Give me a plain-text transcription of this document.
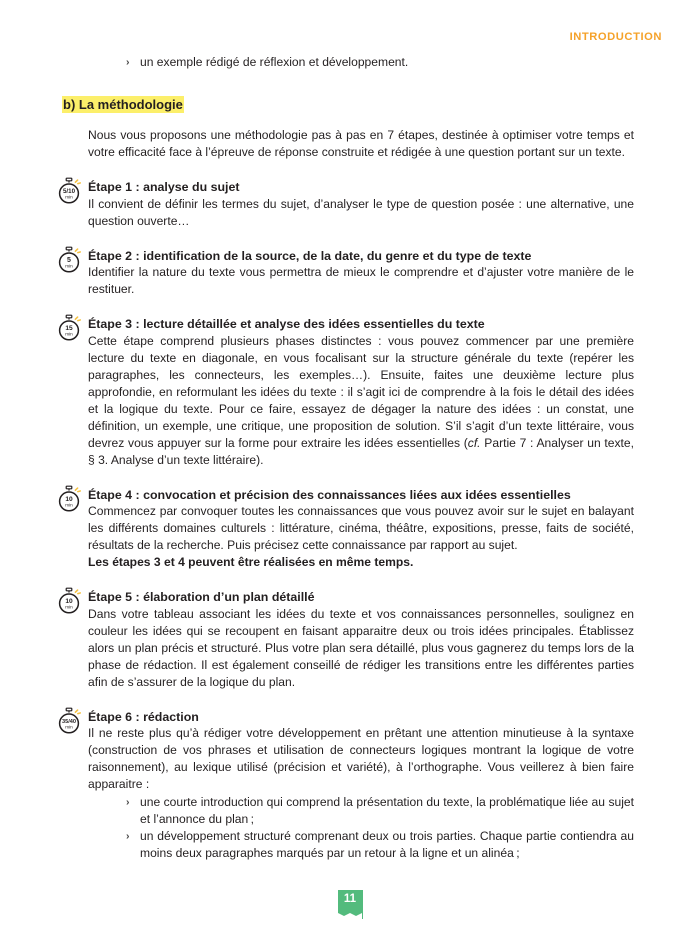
INTRODUCTION
› un exemple rédigé de réflexion et développement.
b) La méthodologie

Nous vous proposons une méthodologie pas à pas en 7 étapes, destinée à optimiser votre temps et votre efficacité face à l’épreuve de réponse construite et rédigée à une question portant sur un texte.

5/10
min
Étape 1 : analyse du sujet

Il convient de définir les termes du sujet, d’analyser le type de question posée : une alternative, une question ouverte…

5
min
Étape 2 : identification de la source, de la date, du genre et du type de texte

Identifier la nature du texte vous permettra de mieux le comprendre et d’ajuster votre manière de le restituer.

15
min
Étape 3 : lecture détaillée et analyse des idées essentielles du texte

Cette étape comprend plusieurs phases distinctes : vous pouvez commencer par une première lecture du texte en diagonale, en vous focalisant sur la structure générale du texte (repérer les paragraphes, les connecteurs, les exemples…). Ensuite, faites une deuxième lecture plus approfondie, en reformulant les idées du texte : il s’agit ici de comprendre à la fois le détail des idées et la logique du texte. Pour ce faire, essayez de dégager la nature des idées : un constat, une définition, un exemple, une critique, une proposition de solution. S’il s’agit d’un texte littéraire, vous devrez vous appuyer sur la forme pour extraire les idées essentielles (cf. Partie 7 : Analyser un texte, § 3. Analyse d’un texte littéraire).

10
min
Étape 4 : convocation et précision des connaissances liées aux idées essentielles

Commencez par convoquer toutes les connaissances que vous pouvez avoir sur le sujet en balayant les différents domaines culturels : littérature, cinéma, théâtre, expositions, presse, faits de société, résultats de la recherche. Puis précisez cette connaissance par rapport au sujet.

Les étapes 3 et 4 peuvent être réalisées en même temps.

10
min
Étape 5 : élaboration d’un plan détaillé

Dans votre tableau associant les idées du texte et vos connaissances personnelles, soulignez en couleur les idées qui se recoupent en faisant apparaitre deux ou trois idées principales. Établissez alors un plan précis et structuré. Plus votre plan sera détaillé, plus vous gagnerez du temps lors de la phase de rédaction. Il est également conseillé de rédiger les transitions entre les différentes parties afin de s’assurer de la logique du plan.

35/40
min
Étape 6 : rédaction

Il ne reste plus qu’à rédiger votre développement en prêtant une attention minutieuse à la syntaxe (construction de vos phrases et utilisation de connecteurs logiques montrant la logique de votre raisonnement), au lexique utilisé (précision et variété), à l’orthographe. Vous veillerez à bien faire apparaitre :

› une courte introduction qui comprend la présentation du texte, la problématique liée au sujet et l’annonce du plan ;
› un développement structuré comprenant deux ou trois parties. Chaque partie contiendra au moins deux paragraphes marqués par un retour à la ligne et un alinéa ;
11
